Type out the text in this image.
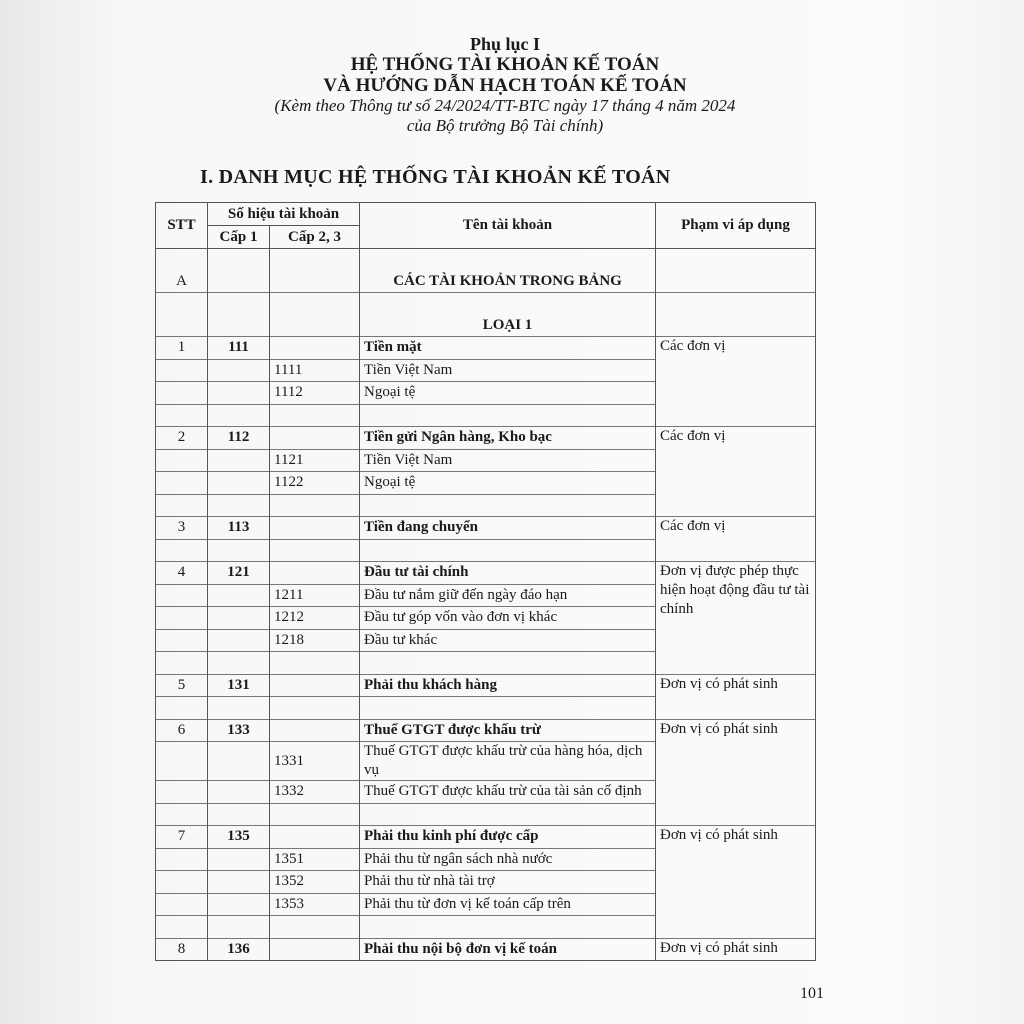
Phụ lục I
HỆ THỐNG TÀI KHOẢN KẾ TOÁN
VÀ HƯỚNG DẪN HẠCH TOÁN KẾ TOÁN
(Kèm theo Thông tư số 24/2024/TT-BTC ngày 17 tháng 4 năm 2024
của Bộ trưởng Bộ Tài chính)
I. DANH MỤC HỆ THỐNG TÀI KHOẢN KẾ TOÁN
STT	Số hiệu tài khoản		Tên tài khoản	Phạm vi áp dụng
	Cấp 1	Cấp 2, 3		

A			CÁC TÀI KHOẢN TRONG BẢNG	

			LOẠI 1	
1	111		Tiền mặt	Các đơn vị
		1111	Tiền Việt Nam	
		1112	Ngoại tệ	

2	112		Tiền gửi Ngân hàng, Kho bạc	Các đơn vị
		1121	Tiền Việt Nam	
		1122	Ngoại tệ	

3	113		Tiền đang chuyển	Các đơn vị

4	121		Đầu tư tài chính	Đơn vị được phép thực hiện hoạt động đầu tư tài chính
		1211	Đầu tư nắm giữ đến ngày đáo hạn	
		1212	Đầu tư góp vốn vào đơn vị khác	
		1218	Đầu tư khác	

5	131		Phải thu khách hàng	Đơn vị có phát sinh

6	133		Thuế GTGT được khấu trừ	Đơn vị có phát sinh
		1331	Thuế GTGT được khấu trừ của hàng hóa, dịch vụ	
		1332	Thuế GTGT được khấu trừ của tài sản cố định	

7	135		Phải thu kinh phí được cấp	Đơn vị có phát sinh
		1351	Phải thu từ ngân sách nhà nước	
		1352	Phải thu từ nhà tài trợ	
		1353	Phải thu từ đơn vị kế toán cấp trên	

8	136		Phải thu nội bộ đơn vị kế toán	Đơn vị có phát sinh
101
